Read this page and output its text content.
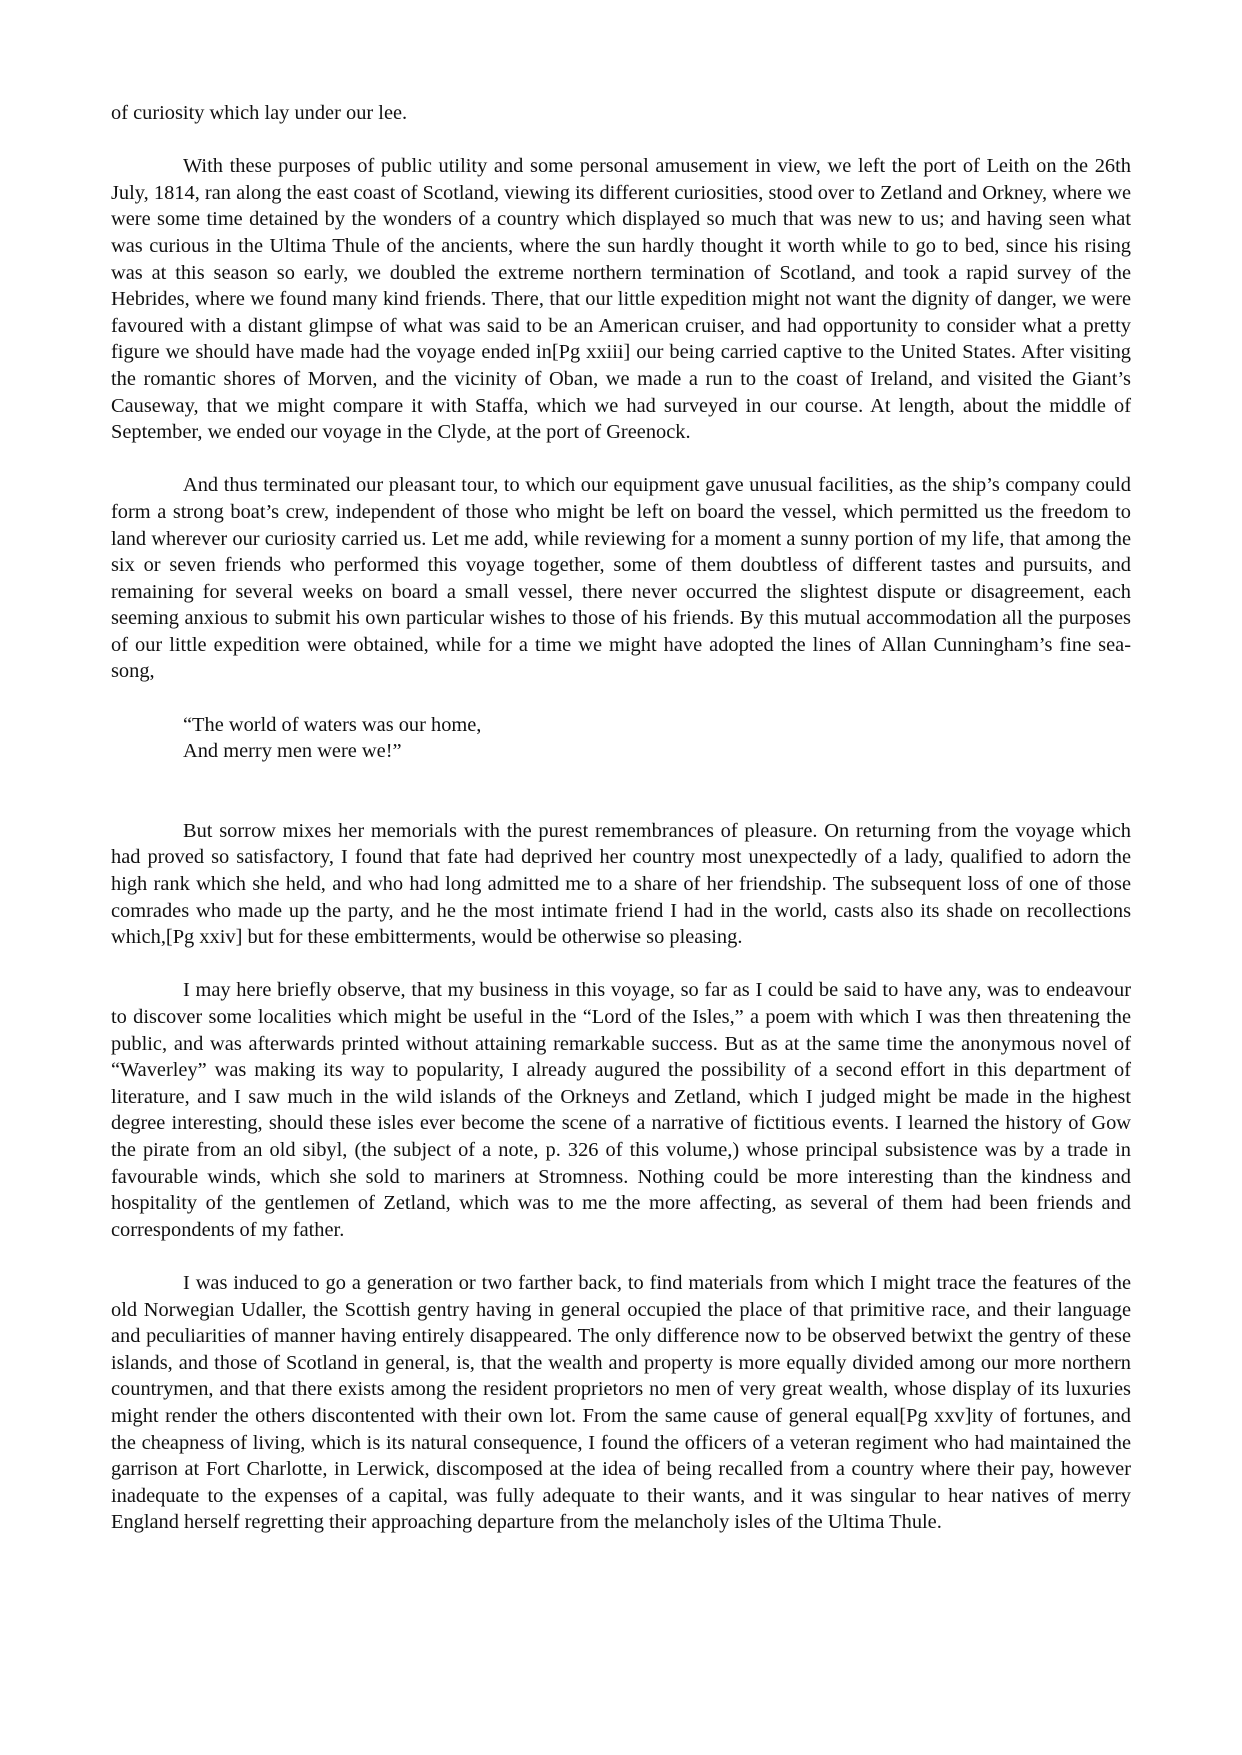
of curiosity which lay under our lee.

With these purposes of public utility and some personal amusement in view, we left the port of Leith on the 26th July, 1814, ran along the east coast of Scotland, viewing its different curiosities, stood over to Zetland and Orkney, where we were some time detained by the wonders of a country which displayed so much that was new to us; and having seen what was curious in the Ultima Thule of the ancients, where the sun hardly thought it worth while to go to bed, since his rising was at this season so early, we doubled the extreme northern termination of Scotland, and took a rapid survey of the Hebrides, where we found many kind friends. There, that our little expedition might not want the dignity of danger, we were favoured with a distant glimpse of what was said to be an American cruiser, and had opportunity to consider what a pretty figure we should have made had the voyage ended in[Pg xxiii] our being carried captive to the United States. After visiting the romantic shores of Morven, and the vicinity of Oban, we made a run to the coast of Ireland, and visited the Giant’s Causeway, that we might compare it with Staffa, which we had surveyed in our course. At length, about the middle of September, we ended our voyage in the Clyde, at the port of Greenock.

And thus terminated our pleasant tour, to which our equipment gave unusual facilities, as the ship’s company could form a strong boat’s crew, independent of those who might be left on board the vessel, which permitted us the freedom to land wherever our curiosity carried us. Let me add, while reviewing for a moment a sunny portion of my life, that among the six or seven friends who performed this voyage together, some of them doubtless of different tastes and pursuits, and remaining for several weeks on board a small vessel, there never occurred the slightest dispute or disagreement, each seeming anxious to submit his own particular wishes to those of his friends. By this mutual accommodation all the purposes of our little expedition were obtained, while for a time we might have adopted the lines of Allan Cunningham’s fine sea-song,

“The world of waters was our home,
And merry men were we!”

But sorrow mixes her memorials with the purest remembrances of pleasure. On returning from the voyage which had proved so satisfactory, I found that fate had deprived her country most unexpectedly of a lady, qualified to adorn the high rank which she held, and who had long admitted me to a share of her friendship. The subsequent loss of one of those comrades who made up the party, and he the most intimate friend I had in the world, casts also its shade on recollections which,[Pg xxiv] but for these embitterments, would be otherwise so pleasing.

I may here briefly observe, that my business in this voyage, so far as I could be said to have any, was to endeavour to discover some localities which might be useful in the “Lord of the Isles,” a poem with which I was then threatening the public, and was afterwards printed without attaining remarkable success. But as at the same time the anonymous novel of “Waverley” was making its way to popularity, I already augured the possibility of a second effort in this department of literature, and I saw much in the wild islands of the Orkneys and Zetland, which I judged might be made in the highest degree interesting, should these isles ever become the scene of a narrative of fictitious events. I learned the history of Gow the pirate from an old sibyl, (the subject of a note, p. 326 of this volume,) whose principal subsistence was by a trade in favourable winds, which she sold to mariners at Stromness. Nothing could be more interesting than the kindness and hospitality of the gentlemen of Zetland, which was to me the more affecting, as several of them had been friends and correspondents of my father.

I was induced to go a generation or two farther back, to find materials from which I might trace the features of the old Norwegian Udaller, the Scottish gentry having in general occupied the place of that primitive race, and their language and peculiarities of manner having entirely disappeared. The only difference now to be observed betwixt the gentry of these islands, and those of Scotland in general, is, that the wealth and property is more equally divided among our more northern countrymen, and that there exists among the resident proprietors no men of very great wealth, whose display of its luxuries might render the others discontented with their own lot. From the same cause of general equal[Pg xxv]ity of fortunes, and the cheapness of living, which is its natural consequence, I found the officers of a veteran regiment who had maintained the garrison at Fort Charlotte, in Lerwick, discomposed at the idea of being recalled from a country where their pay, however inadequate to the expenses of a capital, was fully adequate to their wants, and it was singular to hear natives of merry England herself regretting their approaching departure from the melancholy isles of the Ultima Thule.
